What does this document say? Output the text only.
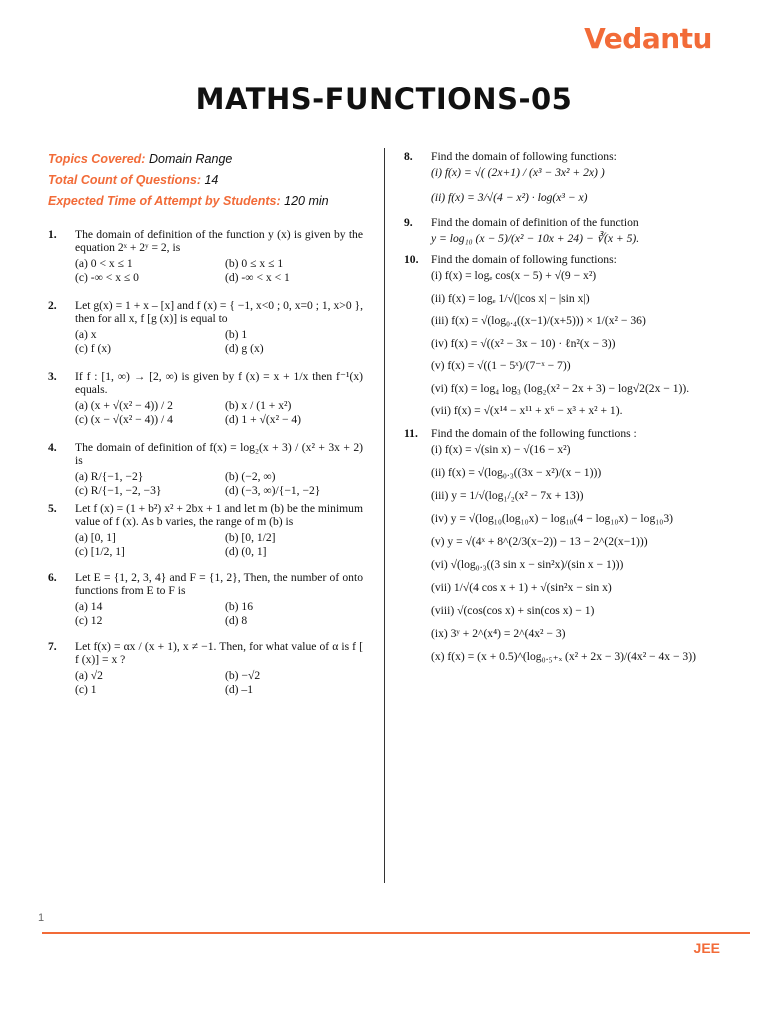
Vedantu
MATHS-FUNCTIONS-05
Topics Covered: Domain Range
Total Count of Questions: 14
Expected Time of Attempt by Students: 120 min
1.	The domain of definition of the function y (x) is given by the equation 2ˣ + 2ʸ = 2, is
(a) 0 < x ≤ 1	(b) 0 ≤ x ≤ 1
(c) -∞ < x ≤ 0	(d) -∞ < x < 1
2.	Let g(x) = 1 + x – [x] and f (x) = { −1, x<0 ; 0, x=0 ; 1, x>0 }, then for all x, f [g (x)] is equal to
(a) x	(b) 1
(c) f (x)	(d) g (x)
3.	If f : [1, ∞) → [2, ∞) is given by f (x) = x + 1/x then f⁻¹(x) equals.
(a) (x + √(x² − 4)) / 2	(b) x / (1 + x²)
(c) (x − √(x² − 4)) / 4	(d) 1 + √(x² − 4)
4.	The domain of definition of f(x) = log₂(x + 3) / (x² + 3x + 2) is
(a) R/{−1, −2}	(b) (−2, ∞)
(c) R/{−1, −2, −3}	(d) (−3, ∞)/{−1, −2}
5.	Let f (x) = (1 + b²) x² + 2bx + 1 and let m (b) be the minimum value of f (x). As b varies, the range of m (b) is
(a) [0, 1]	(b) [0, 1/2]
(c) [1/2, 1]	(d) (0, 1]
6.	Let E = {1, 2, 3, 4} and F = {1, 2}, Then, the number of onto functions from E to F is
(a) 14	(b) 16
(c) 12	(d) 8
7.	Let f(x) = αx / (x + 1), x ≠ −1. Then, for what value of α is f [ f (x)] = x ?
(a) √2	(b) −√2
(c) 1	(d) –1
8.	Find the domain of following functions:
(i) f(x) = √( (2x+1) / (x³ − 3x² + 2x) )
(ii) f(x) = 3/√(4 − x²) · log(x³ − x)
9.	Find the domain of definition of the function
y = log₁₀ (x − 5)/(x² − 10x + 24) − ∛(x + 5).
10.	Find the domain of following functions:
(i) f(x) = logₑ cos(x − 5) + √(9 − x²)
(ii) f(x) = logₑ 1/√(|cos x| − |sin x|)
(iii) f(x) = √(log₀.₄((x−1)/(x+5))) × 1/(x² − 36)
(iv) f(x) = √((x² − 3x − 10) · ℓn²(x − 3))
(v) f(x) = √((1 − 5ˣ)/(7⁻ˣ − 7))
(vi) f(x) = log₄ log₃ (log₂(x² − 2x + 3) − log√2(2x − 1)).
(vii) f(x) = √(x¹⁴ − x¹¹ + x⁶ − x³ + x² + 1).
11.	Find the domain of the following functions :
(i) f(x) = √(sin x) − √(16 − x²)
(ii) f(x) = √(log₀.₃((3x − x²)/(x − 1)))
(iii) y = 1/√(log₁/₂(x² − 7x + 13))
(iv) y = √(log₁₀(log₁₀x) − log₁₀(4 − log₁₀x) − log₁₀3)
(v) y = √(4ˣ + 8^(2/3(x−2)) − 13 − 2^(2(x−1)))
(vi) √(log₀.₃((3 sin x − sin²x)/(sin x − 1)))
(vii) 1/√(4 cos x + 1) + √(sin²x − sin x)
(viii) √(cos(cos x) + sin(cos x) − 1)
(ix) 3ʸ + 2^(x⁴) = 2^(4x² − 3)
(x) f(x) = (x + 0.5)^(log₀.₅₊ₓ (x² + 2x − 3)/(4x² − 4x − 3))
1
JEE
